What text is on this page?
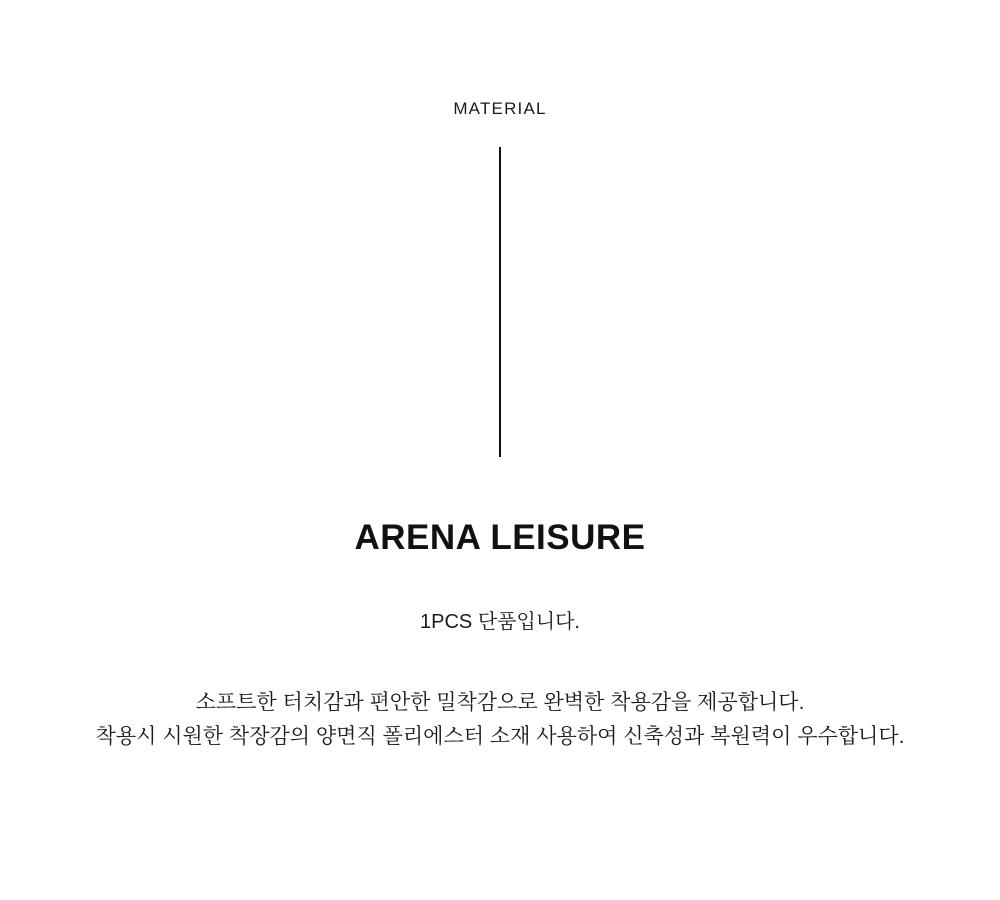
MATERIAL
ARENA LEISURE
1PCS 단품입니다.
소프트한 터치감과 편안한 밀착감으로 완벽한 착용감을 제공합니다.
착용시 시원한 착장감의 양면직 폴리에스터 소재 사용하여 신축성과 복원력이 우수합니다.
